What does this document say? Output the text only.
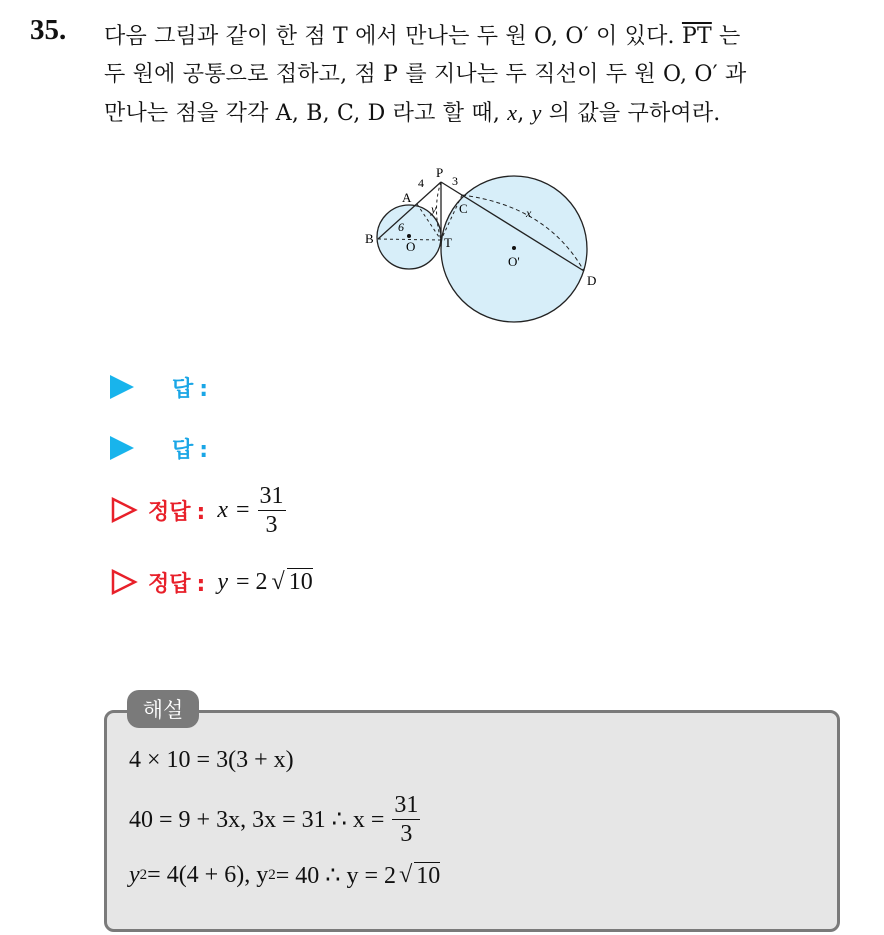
35. 다음 그림과 같이 한 점 T 에서 만나는 두 원 O, O′ 이 있다. $\overline{PT}$ 는
두 원에 공통으로 접하고, 점 P 를 지나는 두 직선이 두 원 O, O′ 과
만나는 점을 각각 A, B, C, D 라고 할 때, x, y 의 값을 구하여라.
P
4 3
A
C
y	x
6
B
O T
O'
D
답 :
답 :
정답 : $x = \frac{31}{3}$
정답 : y = 2 √ 10
해설
4 × 10 = 3(3 + x)
40 = 9 + 3x, 3x = 31 ∴ $x = \frac{31}{3}$
y 2 = 4(4 + 6), y 2 = 40 ∴ y = 2 √ 10
